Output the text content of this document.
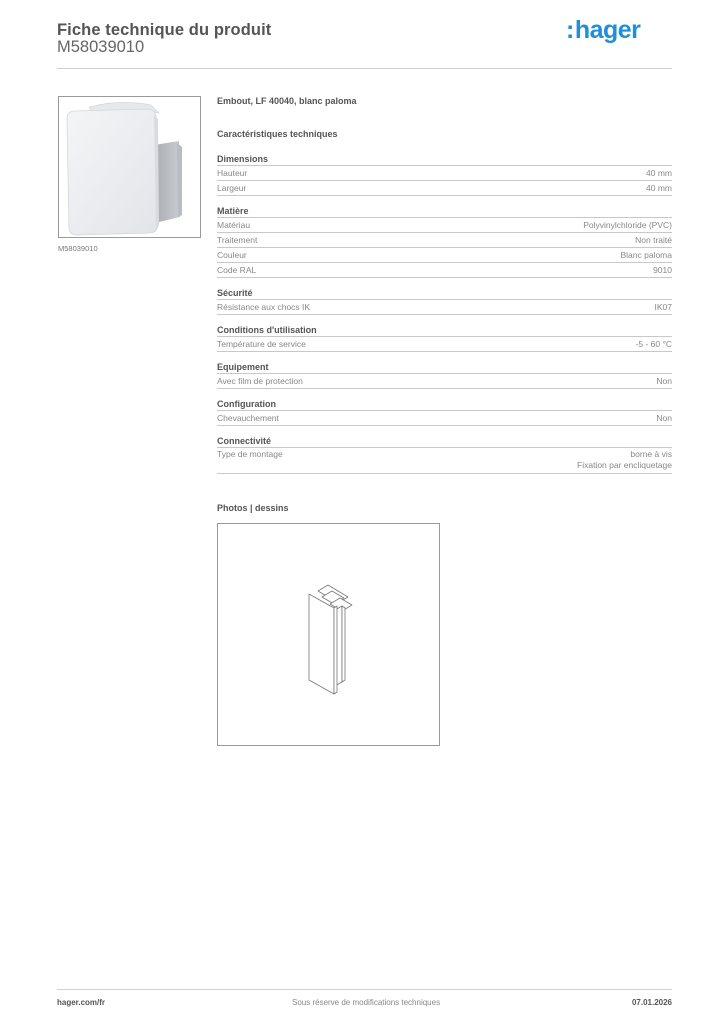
Fiche technique du produit
M58039010
:hager
M58039010
Embout, LF 40040, blanc paloma
Caractéristiques techniques
Dimensions
Hauteur	40 mm
Largeur	40 mm
Matière
Matériau	Polyvinylchloride (PVC)
Traitement	Non traité
Couleur	Blanc paloma
Code RAL	9010
Sécurité
Résistance aux chocs IK	IK07
Conditions d'utilisation
Température de service	-5 - 60 °C
Equipement
Avec film de protection	Non
Configuration
Chevauchement	Non
Connectivité
Type de montage	borne à vis
Fixation par encliquetage
Photos | dessins
hager.com/fr	Sous réserve de modifications techniques	07.01.2026
